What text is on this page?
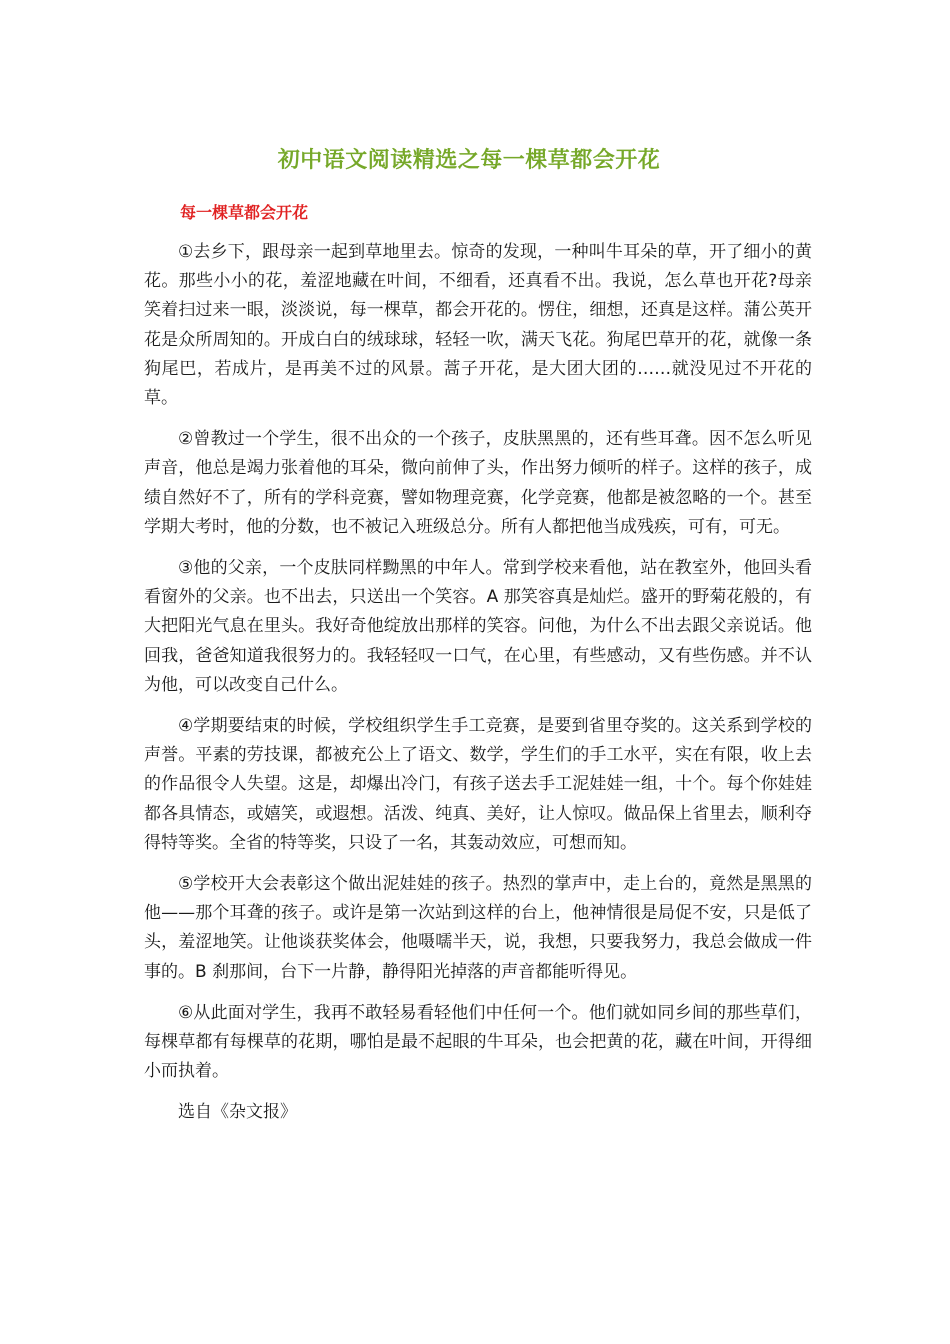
初中语文阅读精选之每一棵草都会开花
每一棵草都会开花

①去乡下，跟母亲一起到草地里去。惊奇的发现，一种叫牛耳朵的草，开了细小的黄花。那些小小的花，羞涩地藏在叶间，不细看，还真看不出。我说，怎么草也开花?母亲笑着扫过来一眼，淡淡说，每一棵草，都会开花的。愣住，细想，还真是这样。蒲公英开花是众所周知的。开成白白的绒球球，轻轻一吹，满天飞花。狗尾巴草开的花，就像一条狗尾巴，若成片，是再美不过的风景。蒿子开花，是大团大团的……就没见过不开花的草。

②曾教过一个学生，很不出众的一个孩子，皮肤黑黑的，还有些耳聋。因不怎么听见声音，他总是竭力张着他的耳朵，微向前伸了头，作出努力倾听的样子。这样的孩子，成绩自然好不了，所有的学科竞赛，譬如物理竞赛，化学竞赛，他都是被忽略的一个。甚至学期大考时，他的分数，也不被记入班级总分。所有人都把他当成残疾，可有，可无。

③他的父亲，一个皮肤同样黝黑的中年人。常到学校来看他，站在教室外，他回头看看窗外的父亲。也不出去，只送出一个笑容。A 那笑容真是灿烂。盛开的野菊花般的，有大把阳光气息在里头。我好奇他绽放出那样的笑容。问他，为什么不出去跟父亲说话。他回我，爸爸知道我很努力的。我轻轻叹一口气，在心里，有些感动，又有些伤感。并不认为他，可以改变自己什么。

④学期要结束的时候，学校组织学生手工竞赛，是要到省里夺奖的。这关系到学校的声誉。平素的劳技课，都被充公上了语文、数学，学生们的手工水平，实在有限，收上去的作品很令人失望。这是，却爆出冷门，有孩子送去手工泥娃娃一组，十个。每个你娃娃都各具情态，或嬉笑，或遐想。活泼、纯真、美好，让人惊叹。做品保上省里去，顺利夺得特等奖。全省的特等奖，只设了一名，其轰动效应，可想而知。

⑤学校开大会表彰这个做出泥娃娃的孩子。热烈的掌声中，走上台的，竟然是黑黑的他——那个耳聋的孩子。或许是第一次站到这样的台上，他神情很是局促不安，只是低了头，羞涩地笑。让他谈获奖体会，他嗫嚅半天，说，我想，只要我努力，我总会做成一件事的。B 刹那间，台下一片静，静得阳光掉落的声音都能听得见。

⑥从此面对学生，我再不敢轻易看轻他们中任何一个。他们就如同乡间的那些草们，每棵草都有每棵草的花期，哪怕是最不起眼的牛耳朵，也会把黄的花，藏在叶间，开得细小而执着。

选自《杂文报》
